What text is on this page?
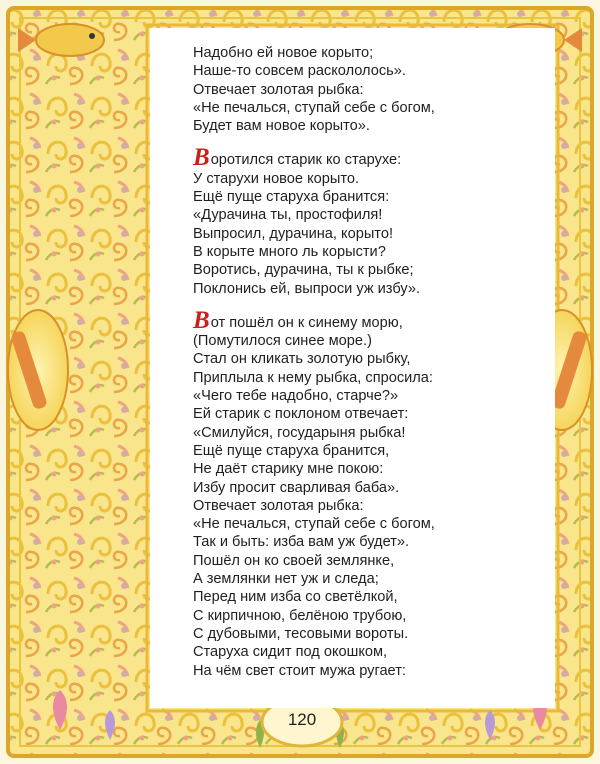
Надобно ей новое корыто;
Наше-то совсем раскололось».
Отвечает золотая рыбка:
«Не печалься, ступай себе с богом,
Будет вам новое корыто».
Воротился старик ко старухе:
У старухи новое корыто.
Ещё пуще старуха бранится:
«Дурачина ты, простофиля!
Выпросил, дурачина, корыто!
В корыте много ль корысти?
Воротись, дурачина, ты к рыбке;
Поклонись ей, выпроси уж избу».
Вот пошёл он к синему морю,
(Помутилося синее море.)
Стал он кликать золотую рыбку,
Приплыла к нему рыбка, спросила:
«Чего тебе надобно, старче?»
Ей старик с поклоном отвечает:
«Смилуйся, государыня рыбка!
Ещё пуще старуха бранится,
Не даёт старику мне покою:
Избу просит сварливая баба».
Отвечает золотая рыбка:
«Не печалься, ступай себе с богом,
Так и быть: изба вам уж будет».
Пошёл он ко своей землянке,
А землянки нет уж и следа;
Перед ним изба со светёлкой,
С кирпичною, белёною трубою,
С дубовыми, тесовыми вороты.
Старуха сидит под окошком,
На чём свет стоит мужа ругает:
120
